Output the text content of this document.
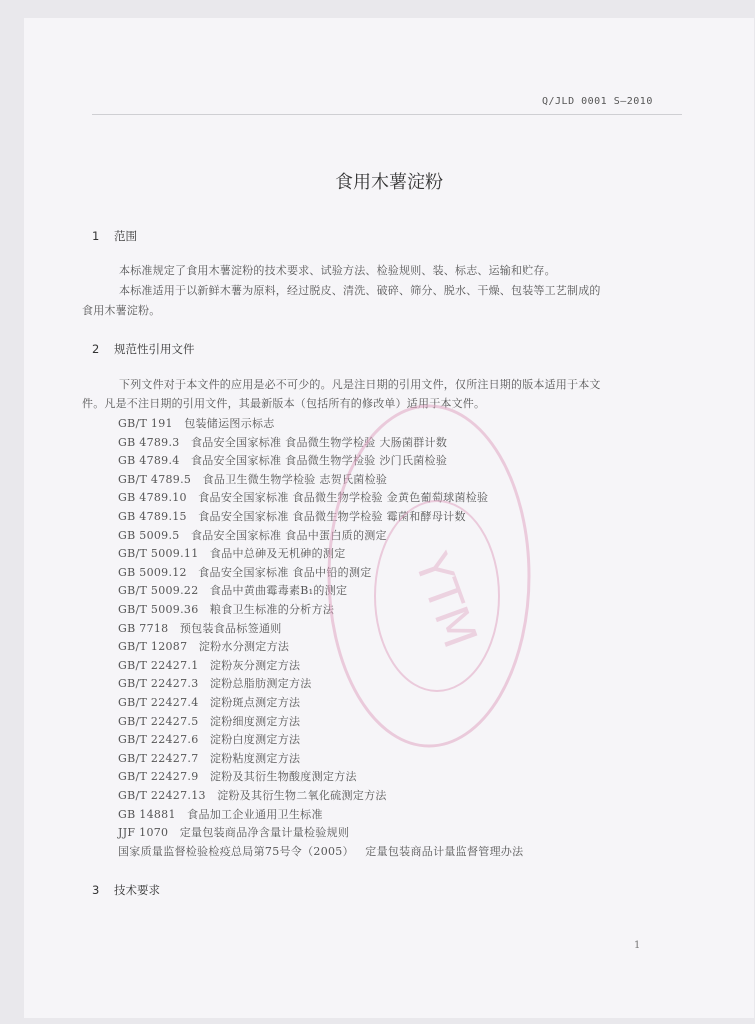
Q/JLD 0001 S—2010
食用木薯淀粉
1 范围
本标准规定了食用木薯淀粉的技术要求、试验方法、检验规则、装、标志、运输和贮存。
本标准适用于以新鲜木薯为原料，经过脱皮、清洗、破碎、筛分、脱水、干燥、包装等工艺制成的
食用木薯淀粉。
2 规范性引用文件
下列文件对于本文件的应用是必不可少的。凡是注日期的引用文件，仅所注日期的版本适用于本文
件。凡是不注日期的引用文件，其最新版本（包括所有的修改单）适用于本文件。
GB/T 191 包装储运图示标志
GB 4789.3 食品安全国家标准 食品微生物学检验 大肠菌群计数
GB 4789.4 食品安全国家标准 食品微生物学检验 沙门氏菌检验
GB/T 4789.5 食品卫生微生物学检验 志贺氏菌检验
GB 4789.10 食品安全国家标准 食品微生物学检验 金黄色葡萄球菌检验
GB 4789.15 食品安全国家标准 食品微生物学检验 霉菌和酵母计数
GB 5009.5 食品安全国家标准 食品中蛋白质的测定
GB/T 5009.11 食品中总砷及无机砷的测定
GB 5009.12 食品安全国家标准 食品中铅的测定
GB/T 5009.22 食品中黄曲霉毒素B₁的测定
GB/T 5009.36 粮食卫生标准的分析方法
GB 7718 预包装食品标签通则
GB/T 12087 淀粉水分测定方法
GB/T 22427.1 淀粉灰分测定方法
GB/T 22427.3 淀粉总脂肪测定方法
GB/T 22427.4 淀粉斑点测定方法
GB/T 22427.5 淀粉细度测定方法
GB/T 22427.6 淀粉白度测定方法
GB/T 22427.7 淀粉粘度测定方法
GB/T 22427.9 淀粉及其衍生物酸度测定方法
GB/T 22427.13 淀粉及其衍生物二氧化硫测定方法
GB 14881 食品加工企业通用卫生标准
JJF 1070 定量包装商品净含量计量检验规则
国家质量监督检验检疫总局第75号令（2005） 定量包装商品计量监督管理办法
3 技术要求
1
YTM
